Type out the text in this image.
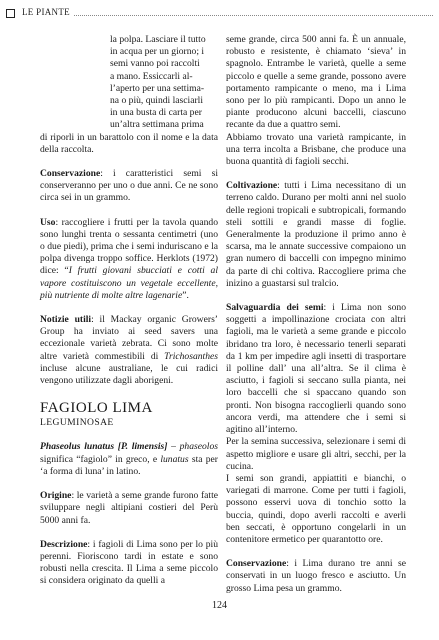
LE PIANTE

la polpa. Lasciare il tutto

in acqua per un giorno; i

semi vanno poi raccolti

a mano. Essiccarli al-

l’aperto per una settima-

na o più, quindi lasciarli

in una busta di carta per

un’altra settimana prima

di riporli in un barattolo con il nome e la data della raccolta.

Conservazione: i caratteristici semi si conserveranno per uno o due anni. Ce ne sono circa sei in un grammo.

Uso: raccogliere i frutti per la tavola quando sono lunghi trenta o sessanta centimetri (uno o due piedi), prima che i semi induriscano e la polpa divenga troppo soffice. Herklots (1972) dice: “I frutti giovani sbucciati e cotti al vapore costituiscono un vegetale eccellente, più nutriente di molte altre lagenarie”.

Notizie utili: il Mackay organic Growers’ Group ha inviato ai seed savers una eccezionale varietà zebrata. Ci sono molte altre varietà commestibili di Trichosanthes incluse alcune australiane, le cui radici vengono utilizzate dagli aborigeni.

FAGIOLO LIMA

LEGUMINOSAE

Phaseolus lunatus [P. limensis] – phaseolos significa “fagiolo” in greco, e lunatus sta per ‘a forma di luna’ in latino.

Origine: le varietà a seme grande furono fatte sviluppare negli altipiani costieri del Perù 5000 anni fa.

Descrizione: i fagioli di Lima sono per lo più perenni. Fioriscono tardi in estate e sono robusti nella crescita. Il Lima a seme piccolo si considera originato da quelli a

seme grande, circa 500 anni fa. È un annuale, robusto e resistente, è chiamato ‘sieva’ in spagnolo. Entrambe le varietà, quelle a seme piccolo e quelle a seme grande, possono avere portamento rampicante o meno, ma i Lima sono per lo più rampicanti. Dopo un anno le piante producono alcuni baccelli, ciascuno recante da due a quattro semi.

Abbiamo trovato una varietà rampicante, in una terra incolta a Brisbane, che produce una buona quantità di fagioli secchi.

Coltivazione: tutti i Lima necessitano di un terreno caldo. Durano per molti anni nel suolo delle regioni tropicali e subtropicali, formando steli sottili e grandi masse di foglie. Generalmente la produzione il primo anno è scarsa, ma le annate successive compaiono un gran numero di baccelli con impegno minimo da parte di chi coltiva. Raccogliere prima che inizino a guastarsi sul tralcio.

Salvaguardia dei semi: i Lima non sono soggetti a impollinazione crociata con altri fagioli, ma le varietà a seme grande e piccolo ibridano tra loro, è necessario tenerli separati da 1 km per impedire agli insetti di trasportare il polline dall’ una all’altra. Se il clima è asciutto, i fagioli si seccano sulla pianta, nei loro baccelli che si spaccano quando son pronti. Non bisogna raccoglierli quando sono ancora verdi, ma attendere che i semi si agitino all’interno.

Per la semina successiva, selezionare i semi di aspetto migliore e usare gli altri, secchi, per la cucina.

I semi son grandi, appiattiti e bianchi, o variegati di marrone. Come per tutti i fagioli, possono esservi uova di tonchio sotto la buccia, quindi, dopo averli raccolti e averli ben seccati, è opportuno congelarli in un contenitore ermetico per quarantotto ore.

Conservazione: i Lima durano tre anni se conservati in un luogo fresco e asciutto. Un grosso Lima pesa un grammo.

124
